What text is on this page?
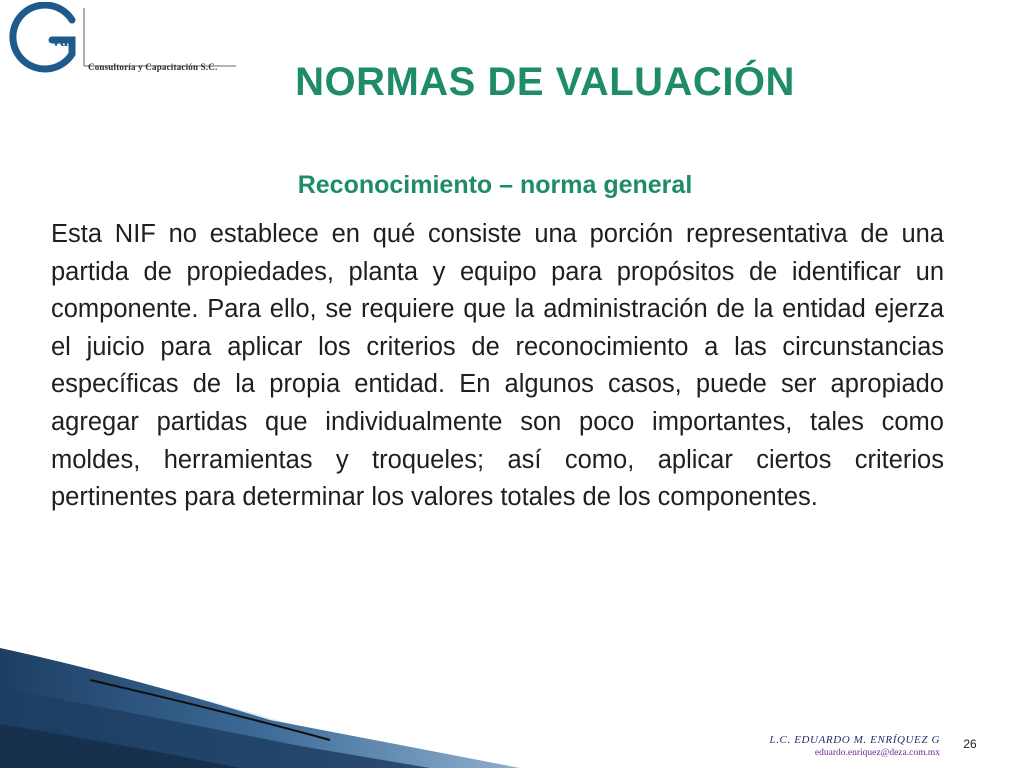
va
Consultoría y Capacitación S.C.	NORMAS DE VALUACIÓN
Reconocimiento – norma general

Esta NIF no establece en qué consiste una porción representativa de una partida de propiedades, planta y equipo para propósitos de identificar un componente. Para ello, se requiere que la administración de la entidad ejerza el juicio para aplicar los criterios de reconocimiento a las circunstancias específicas de la propia entidad. En algunos casos, puede ser apropiado agregar partidas que individualmente son poco importantes, tales como moldes, herramientas y troqueles; así como, aplicar ciertos criterios pertinentes para determinar los valores totales de los componentes.

L.C. EDUARDO M. ENRÍQUEZ G
eduardo.enriquez@deza.com.mx
26
